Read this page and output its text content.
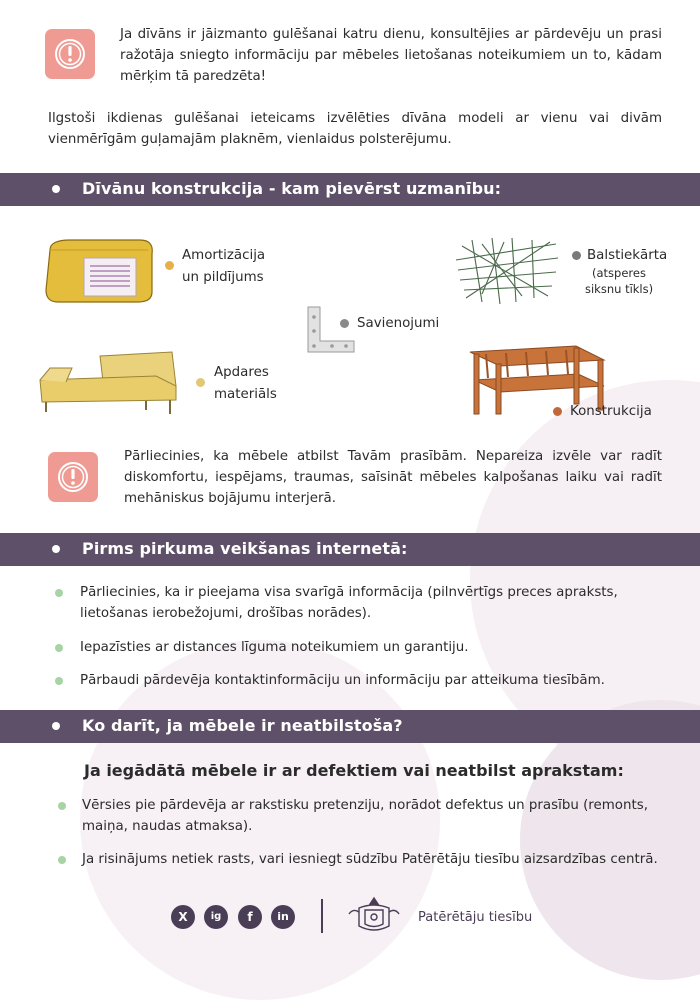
Ja dīvāns ir jāizmanto gulēšanai katru dienu, konsultējies ar pārdevēju un prasi ražotāja sniegto informāciju par mēbeles lietošanas noteikumiem un to, kādam mērķim tā paredzēta!

Ilgstoši ikdienas gulēšanai ieteicams izvēlēties dīvāna modeli ar vienu vai divām vienmērīgām guļamajām plaknēm, vienlaidus polsterējumu.

Dīvānu konstrukcija - kam pievērst uzmanību:
Amortizācija
un pildījums
Balstiekārta
(atsperes
siksnu tīkls)
Savienojumi
Apdares
materiāls
Konstrukcija

Pārliecinies, ka mēbele atbilst Tavām prasībām. Nepareiza izvēle var radīt diskomfortu, iespējams, traumas, saīsināt mēbeles kalpošanas laiku vai radīt mehāniskus bojājumu interjerā.

Pirms pirkuma veikšanas internetā:

Pārliecinies, ka ir pieejama visa svarīgā informācija (pilnvērtīgs preces apraksts, lietošanas ierobežojumi, drošības norādes).

Iepazīsties ar distances līguma noteikumiem un garantiju.

Pārbaudi pārdevēja kontaktinformāciju un informāciju par atteikuma tiesībām.

Ko darīt, ja mēbele ir neatbilstoša?
Ja iegādātā mēbele ir ar defektiem vai neatbilst aprakstam:

Vērsies pie pārdevēja ar rakstisku pretenziju, norādot defektus un prasību (remonts, maiņa, naudas atmaksa).

Ja risinājums netiek rasts, vari iesniegt sūdzību Patērētāju tiesību aizsardzības centrā.

X	ig	f	in	Patērētāju tiesību
